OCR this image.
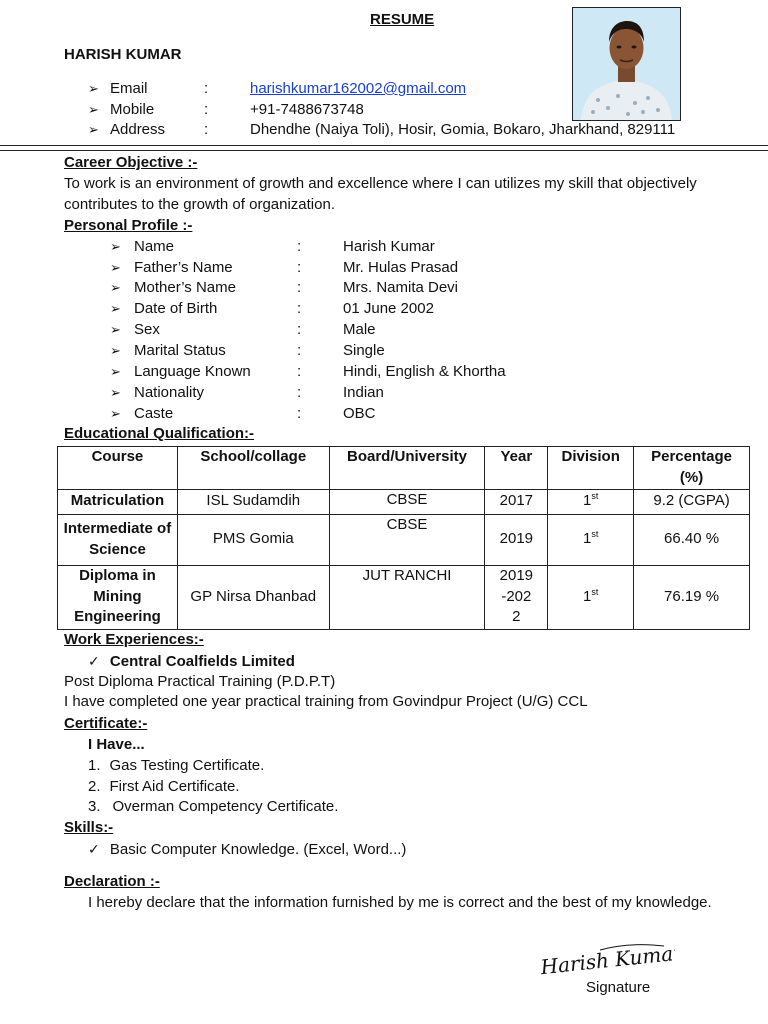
RESUME
HARISH KUMAR
➢ Email	:	harishkumar162002@gmail.com
➢ Mobile	:	+91-7488673748
➢ Address	:	Dhendhe (Naiya Toli), Hosir, Gomia, Bokaro, Jharkhand, 829111
Career Objective :-
To work is an environment of growth and excellence where I can utilizes my skill that objectively contributes to the growth of organization.
Personal Profile :-
➢ Name	:	Harish Kumar
➢ Father’s Name	:	Mr. Hulas Prasad
➢ Mother’s Name	:	Mrs. Namita Devi
➢ Date of Birth	:	01 June 2002
➢ Sex	:	Male
➢ Marital Status	:	Single
➢ Language Known	:	Hindi, English & Khortha
➢ Nationality	:	Indian
➢ Caste	:	OBC
Educational Qualification:-
Course	School/collage	Board/University	Year	Division	Percentage (%)
Matriculation	ISL Sudamdih	CBSE	2017	1st	9.2 (CGPA)
Intermediate of Science	PMS Gomia	CBSE	2019	1st	66.40 %
Diploma in Mining Engineering	GP Nirsa Dhanbad	JUT RANCHI	2019-2022	1st	76.19 %
Work Experiences:-
✓ Central Coalfields Limited
Post Diploma Practical Training (P.D.P.T)
I have completed one year practical training from Govindpur Project (U/G) CCL
Certificate:-
I Have...
1. Gas Testing Certificate.
2. First Aid Certificate.
3. Overman Competency Certificate.
Skills:-
✓ Basic Computer Knowledge. (Excel, Word...)
Declaration :-
I hereby declare that the information furnished by me is correct and the best of my knowledge.
Harish Kumar
Signature
